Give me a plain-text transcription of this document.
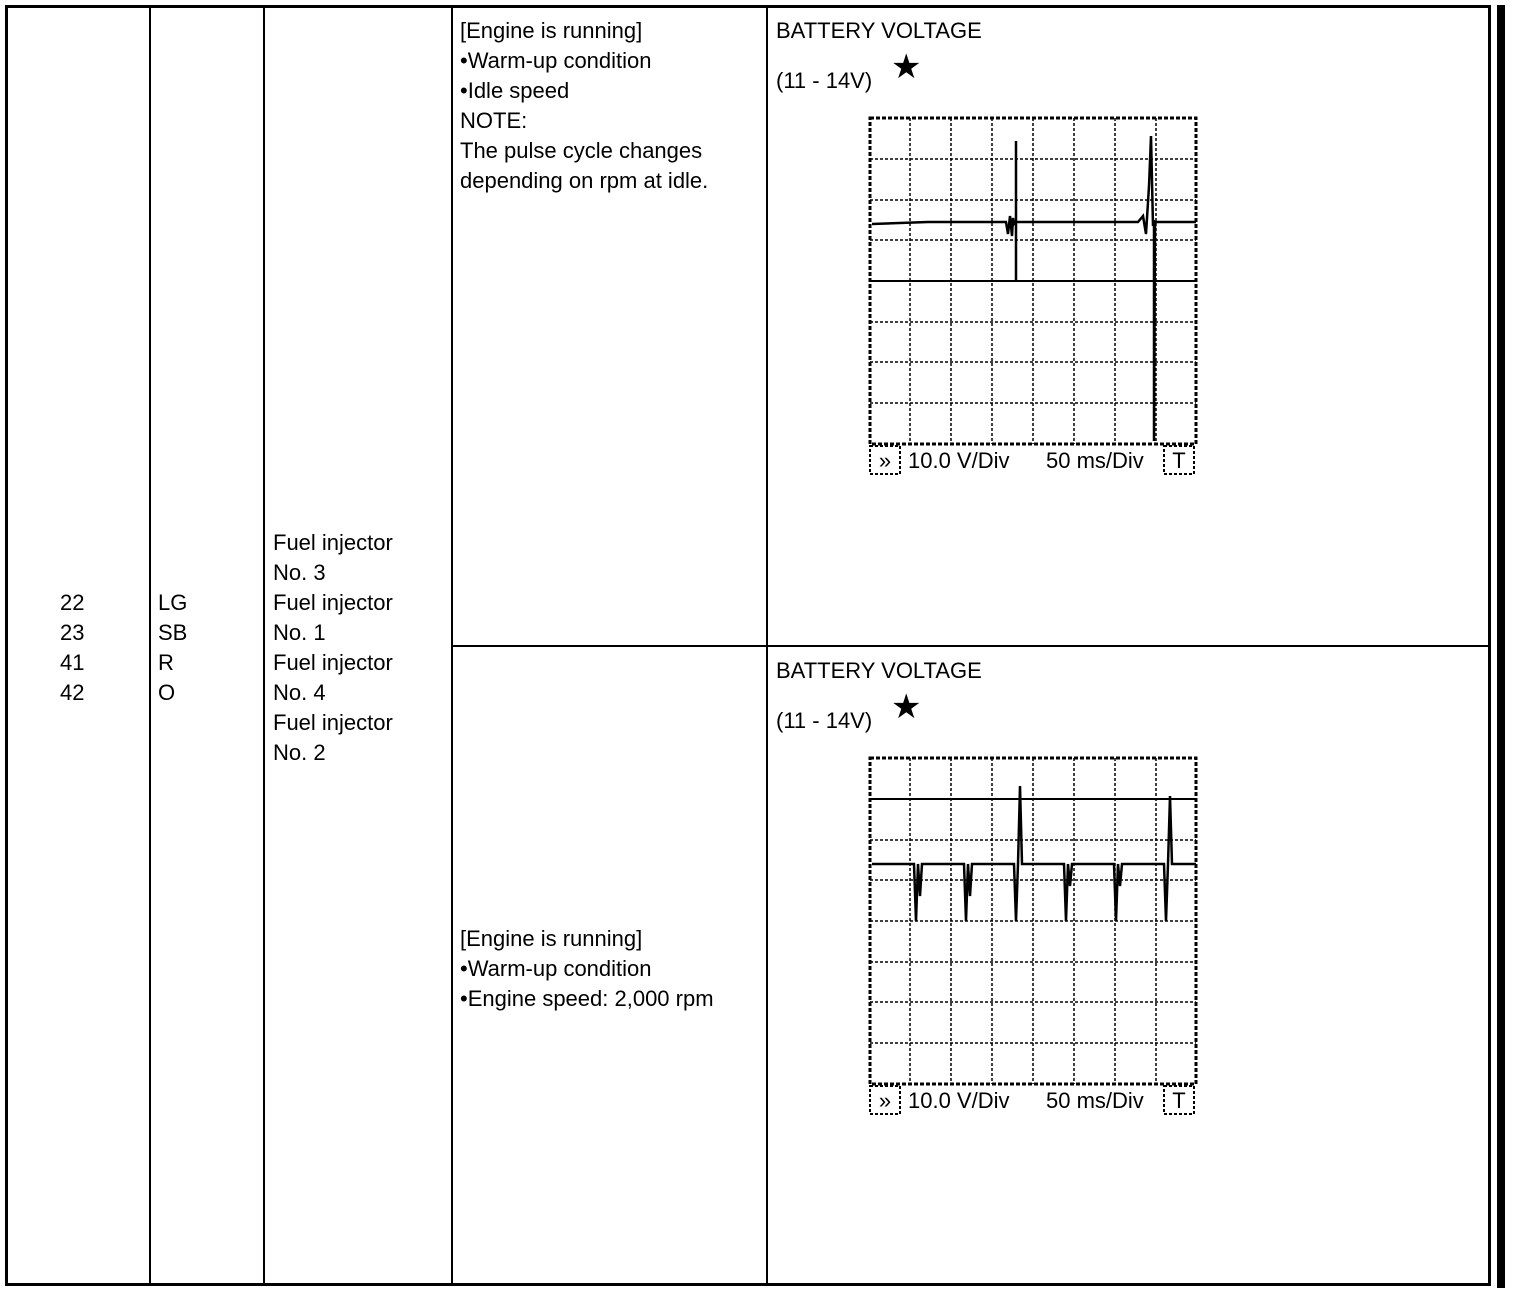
22
23
41
42
LG
SB
R
O
Fuel injector
No. 3
Fuel injector
No. 1
Fuel injector
No. 4
Fuel injector
No. 2
[Engine is running]
•Warm-up condition
•Idle speed
NOTE:
The pulse cycle changes
depending on rpm at idle.
[Engine is running]
•Warm-up condition
•Engine speed: 2,000 rpm
BATTERY VOLTAGE
(11 - 14V) ★
BATTERY VOLTAGE
(11 - 14V) ★
» 10.0 V/Div 50 ms/Div T
» 10.0 V/Div 50 ms/Div T
